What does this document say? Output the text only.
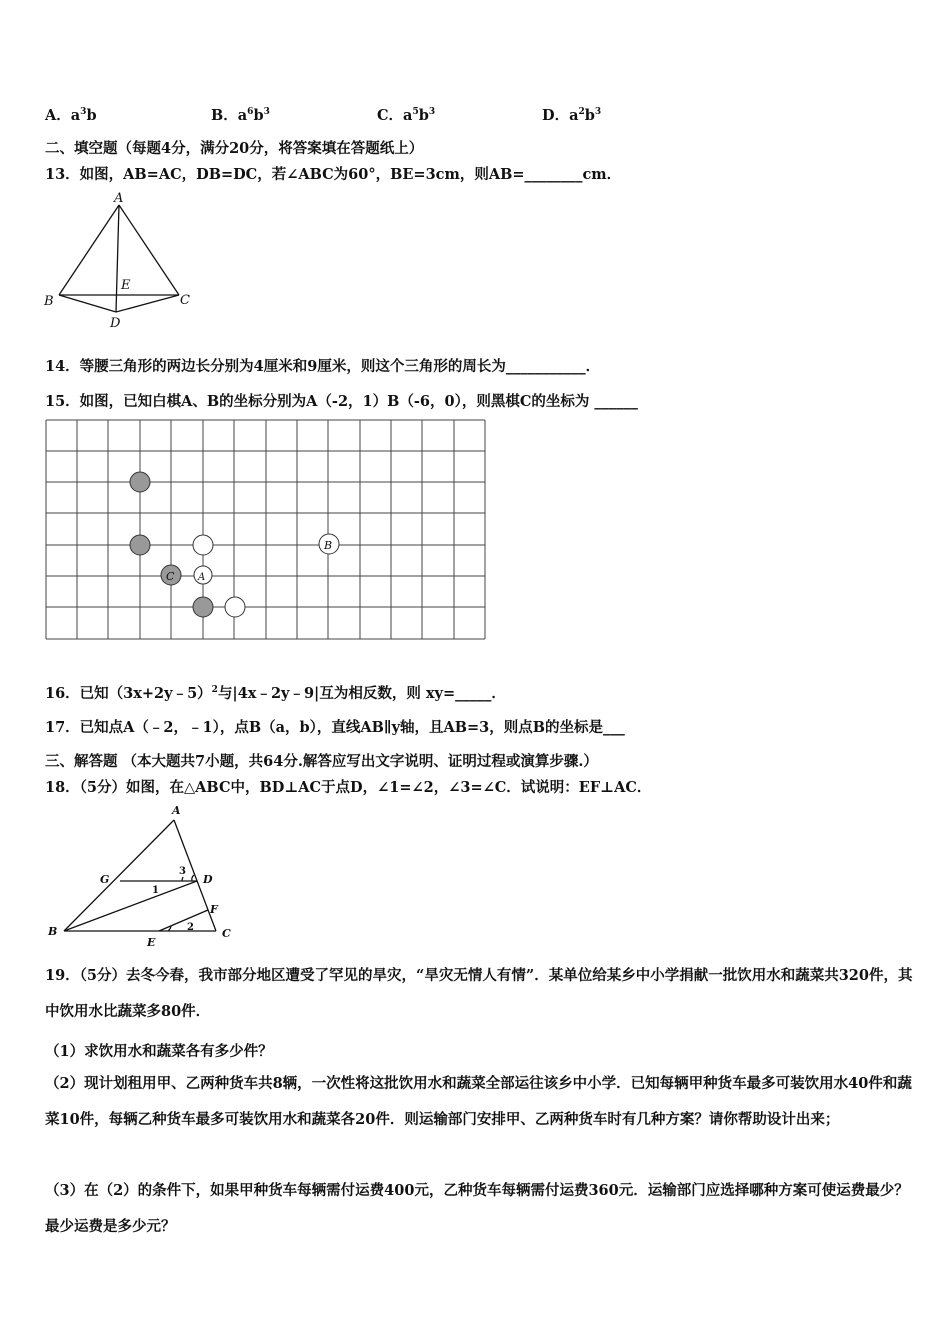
A．$a^3b$	B．$a^6b^3$	C．$a^5b^3$	D．$a^2b^3$
二、填空题（每题4分，满分20分，将答案填在答题纸上）
13．如图，AB=AC，DB=DC，若∠ABC为60°，BE=3cm，则AB=________cm．
A
B	C
D
E
14．等腰三角形的两边长分别为4厘米和9厘米，则这个三角形的周长为___________．
15．如图，已知白棋A、B的坐标分别为A（-2，1）B（-6，0），则黑棋C的坐标为 ______
A
B
C
16．已知（3x+2y﹣5）$^2$与|4x﹣2y﹣9|互为相反数，则 xy=_____．
17．已知点A（﹣2，﹣1），点B（a，b），直线AB∥y轴，且AB=3，则点B的坐标是___
三、解答题 （本大题共7小题，共64分.解答应写出文字说明、证明过程或演算步骤.）
18．（5分）如图，在△ABC中，BD⊥AC于点D，∠1=∠2，∠3=∠C．试说明：EF⊥AC．
A
B	C
D
E
F
G
1
2
3
19．（5分）去冬今春，我市部分地区遭受了罕见的旱灾，“旱灾无情人有情”．某单位给某乡中小学捐献一批饮用水和蔬菜共320件，其中饮用水比蔬菜多80件．
（1）求饮用水和蔬菜各有多少件？
（2）现计划租用甲、乙两种货车共8辆，一次性将这批饮用水和蔬菜全部运往该乡中小学．已知每辆甲种货车最多可装饮用水40件和蔬菜10件，每辆乙种货车最多可装饮用水和蔬菜各20件．则运输部门安排甲、乙两种货车时有几种方案？请你帮助设计出来；
（3）在（2）的条件下，如果甲种货车每辆需付运费400元，乙种货车每辆需付运费360元．运输部门应选择哪种方案可使运费最少？最少运费是多少元？
